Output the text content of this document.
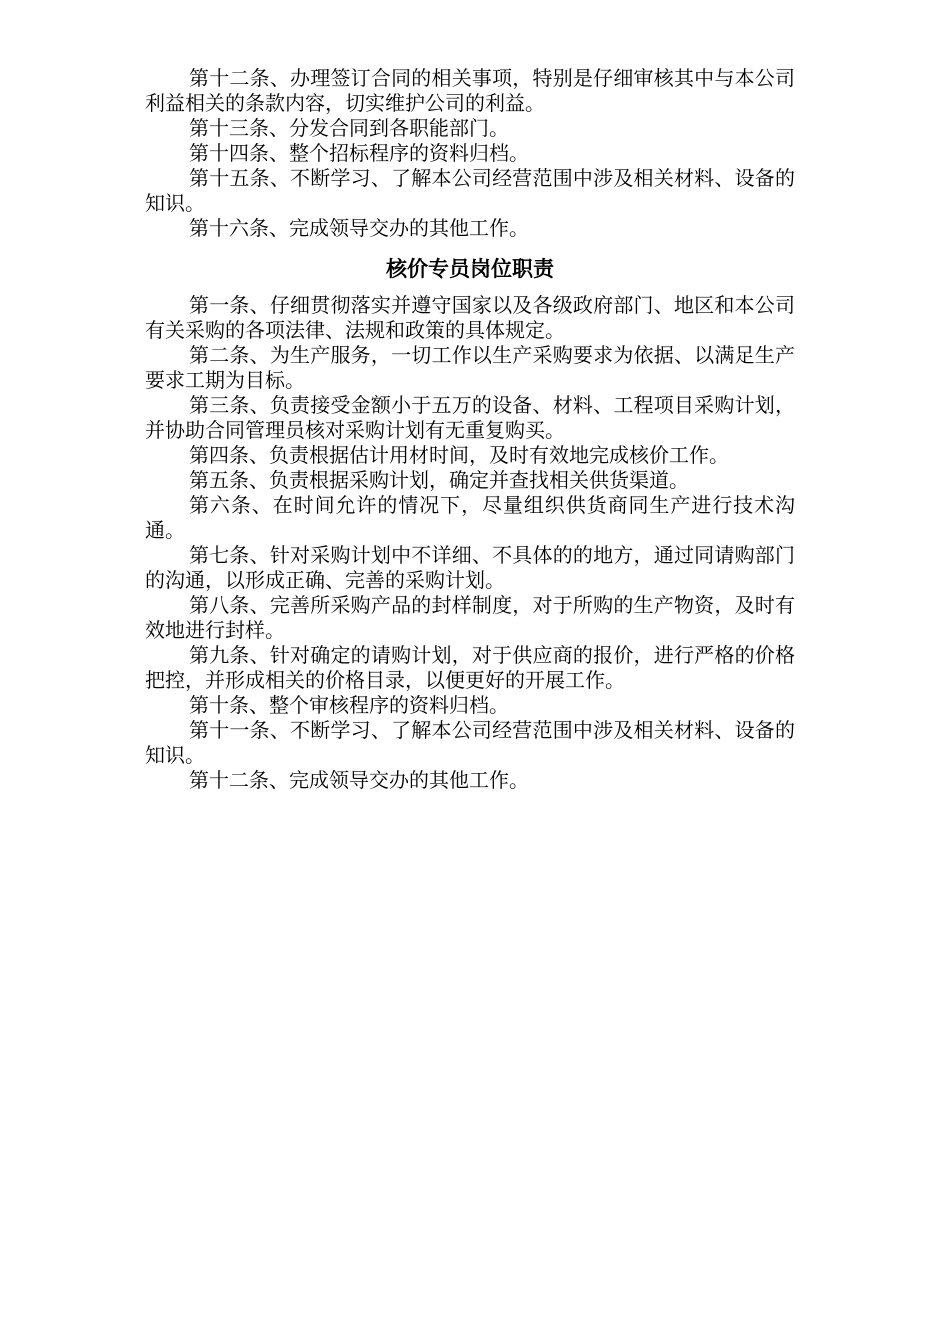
第十二条、办理签订合同的相关事项，特别是仔细审核其中与本公司利益相关的条款内容，切实维护公司的利益。

第十三条、分发合同到各职能部门。

第十四条、整个招标程序的资料归档。

第十五条、不断学习、了解本公司经营范围中涉及相关材料、设备的知识。

第十六条、完成领导交办的其他工作。

核价专员岗位职责

第一条、仔细贯彻落实并遵守国家以及各级政府部门、地区和本公司有关采购的各项法律、法规和政策的具体规定。

第二条、为生产服务，一切工作以生产采购要求为依据、以满足生产要求工期为目标。

第三条、负责接受金额小于五万的设备、材料、工程项目采购计划，并协助合同管理员核对采购计划有无重复购买。

第四条、负责根据估计用材时间，及时有效地完成核价工作。

第五条、负责根据采购计划，确定并查找相关供货渠道。

第六条、在时间允许的情况下，尽量组织供货商同生产进行技术沟通。

第七条、针对采购计划中不详细、不具体的的地方，通过同请购部门的沟通，以形成正确、完善的采购计划。

第八条、完善所采购产品的封样制度，对于所购的生产物资，及时有效地进行封样。

第九条、针对确定的请购计划，对于供应商的报价，进行严格的价格把控，并形成相关的价格目录，以便更好的开展工作。

第十条、整个审核程序的资料归档。

第十一条、不断学习、了解本公司经营范围中涉及相关材料、设备的知识。

第十二条、完成领导交办的其他工作。
